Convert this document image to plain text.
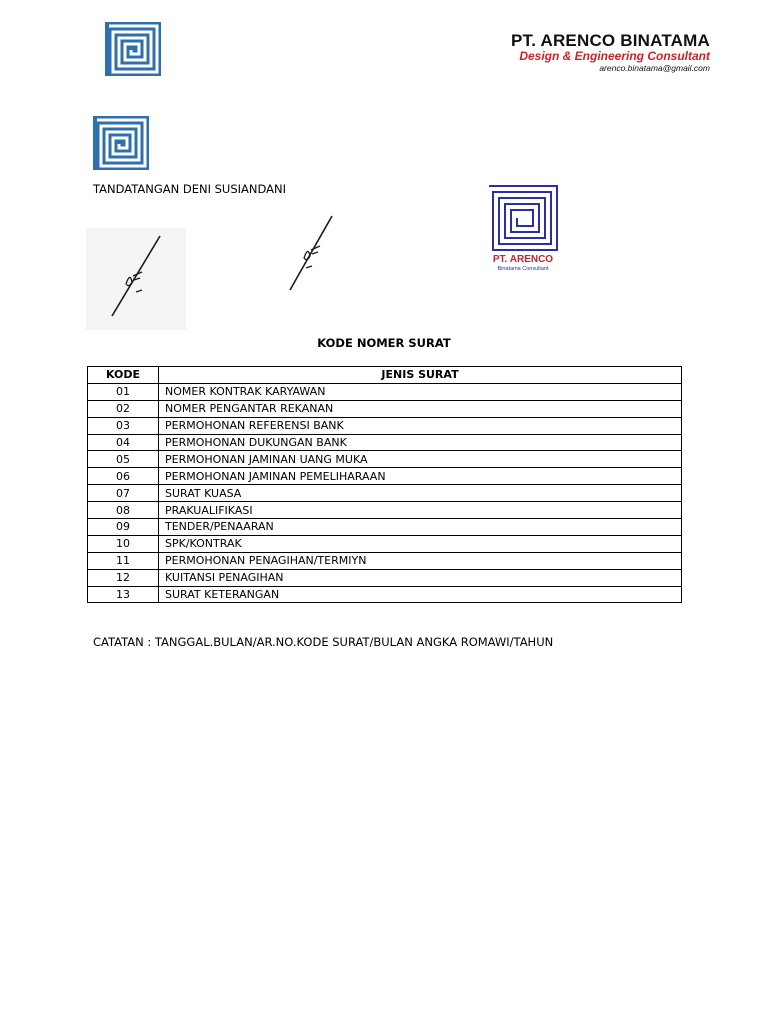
PT. ARENCO BINATAMA
Design & Engineering Consultant
arenco.binatama@gmail.com
TANDATANGAN DENI SUSIANDANI
PT. ARENCO
Binatama Consultant
KODE NOMER SURAT
KODE	JENIS SURAT
01	NOMER KONTRAK KARYAWAN
02	NOMER PENGANTAR REKANAN
03	PERMOHONAN REFERENSI BANK
04	PERMOHONAN DUKUNGAN BANK
05	PERMOHONAN JAMINAN UANG MUKA
06	PERMOHONAN JAMINAN PEMELIHARAAN
07	SURAT KUASA
08	PRAKUALIFIKASI
09	TENDER/PENAARAN
10	SPK/KONTRAK
11	PERMOHONAN PENAGIHAN/TERMIYN
12	KUITANSI PENAGIHAN
13	SURAT KETERANGAN
CATATAN : TANGGAL.BULAN/AR.NO.KODE SURAT/BULAN ANGKA ROMAWI/TAHUN
